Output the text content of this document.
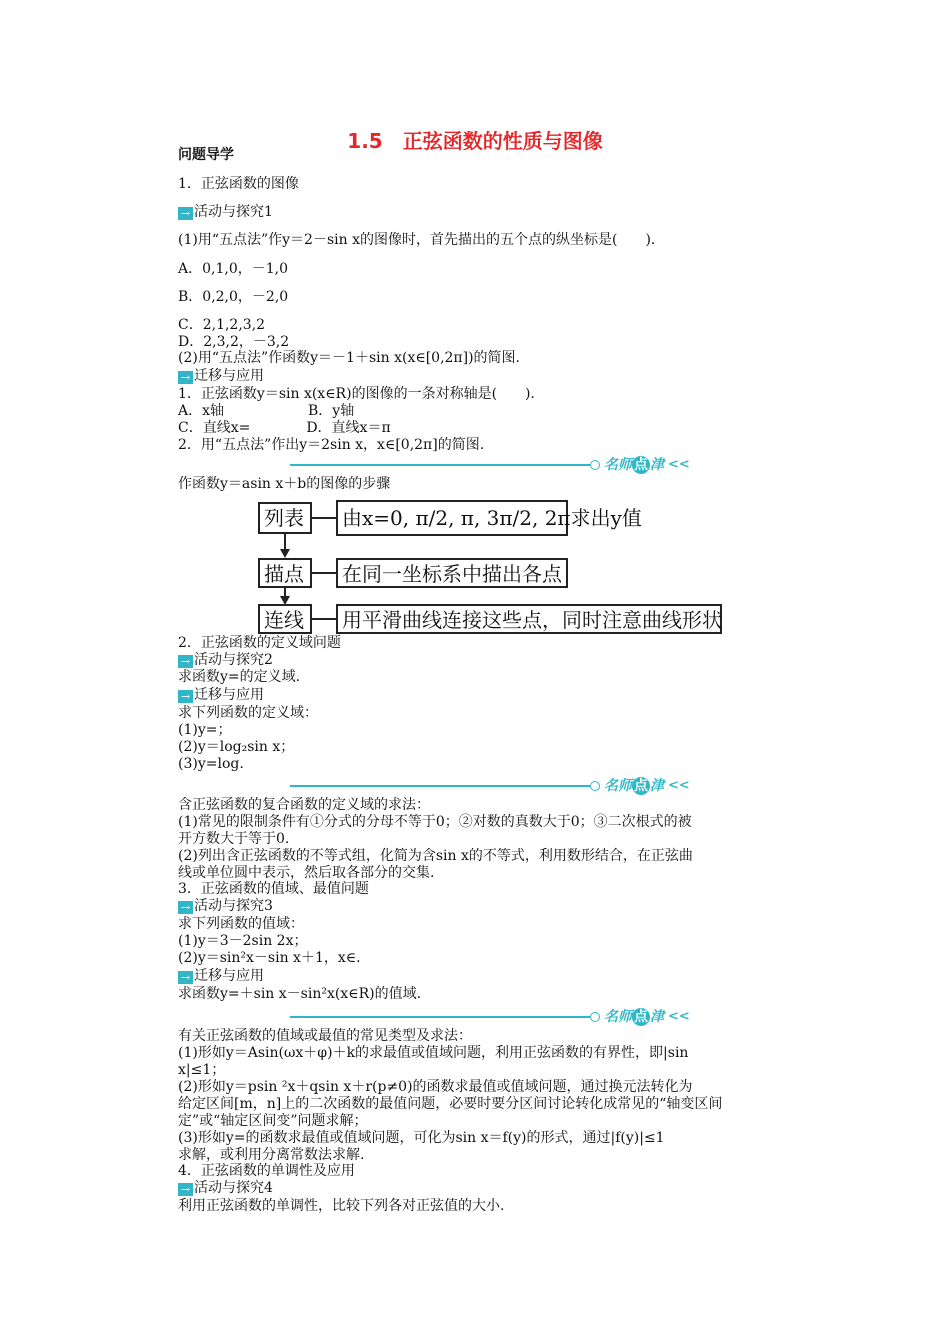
1.5　正弦函数的性质与图像
问题导学
1．正弦函数的图像
→ 活动与探究1
(1)用“五点法”作y＝2－sin x的图像时，首先描出的五个点的纵坐标是(　　)．
A．0,1,0，－1,0
B．0,2,0，－2,0
C．2,1,2,3,2
D．2,3,2，－3,2
(2)用“五点法”作函数y＝－1＋sin x(x∈[0,2π])的简图.
→ 迁移与应用
1．正弦函数y＝sin x(x∈R)的图像的一条对称轴是(　　)．
A．x轴　　　　　　B．y轴
C．直线x=　　　　D．直线x＝π
2．用“五点法”作出y＝2sin x，x∈[0,2π]的简图.
名师 点 津 <<
作函数y＝asin x＋b的图像的步骤
列表	由x=0, π/2, π, 3π/2, 2π求出y值
描点	在同一坐标系中描出各点
连线	用平滑曲线连接这些点，同时注意曲线形状
2．正弦函数的定义域问题
→ 活动与探究2
求函数y=的定义域.
→ 迁移与应用
求下列函数的定义域：
(1)y=；
(2)y＝log₂sin x；
(3)y=log.
名师 点 津 <<
含正弦函数的复合函数的定义域的求法：
(1)常见的限制条件有①分式的分母不等于0；②对数的真数大于0；③二次根式的被
开方数大于等于0.
(2)列出含正弦函数的不等式组，化简为含sin x的不等式，利用数形结合，在正弦曲
线或单位圆中表示，然后取各部分的交集.
3．正弦函数的值域、最值问题
→ 活动与探究3
求下列函数的值域：
(1)y＝3－2sin 2x；
(2)y＝sin²x－sin x＋1，x∈.
→ 迁移与应用
求函数y=＋sin x－sin²x(x∈R)的值域.
名师 点 津 <<
有关正弦函数的值域或最值的常见类型及求法：
(1)形如y＝Asin(ωx＋φ)＋k的求最值或值域问题，利用正弦函数的有界性，即|sin
x|≤1；
(2)形如y＝psin ²x＋qsin x＋r(p≠0)的函数求最值或值域问题，通过换元法转化为
给定区间[m，n]上的二次函数的最值问题，必要时要分区间讨论转化成常见的“轴变区间
定”或“轴定区间变”问题求解；
(3)形如y=的函数求最值或值域问题，可化为sin x＝f(y)的形式，通过|f(y)|≤1
求解，或利用分离常数法求解.
4．正弦函数的单调性及应用
→ 活动与探究4
利用正弦函数的单调性，比较下列各对正弦值的大小.
